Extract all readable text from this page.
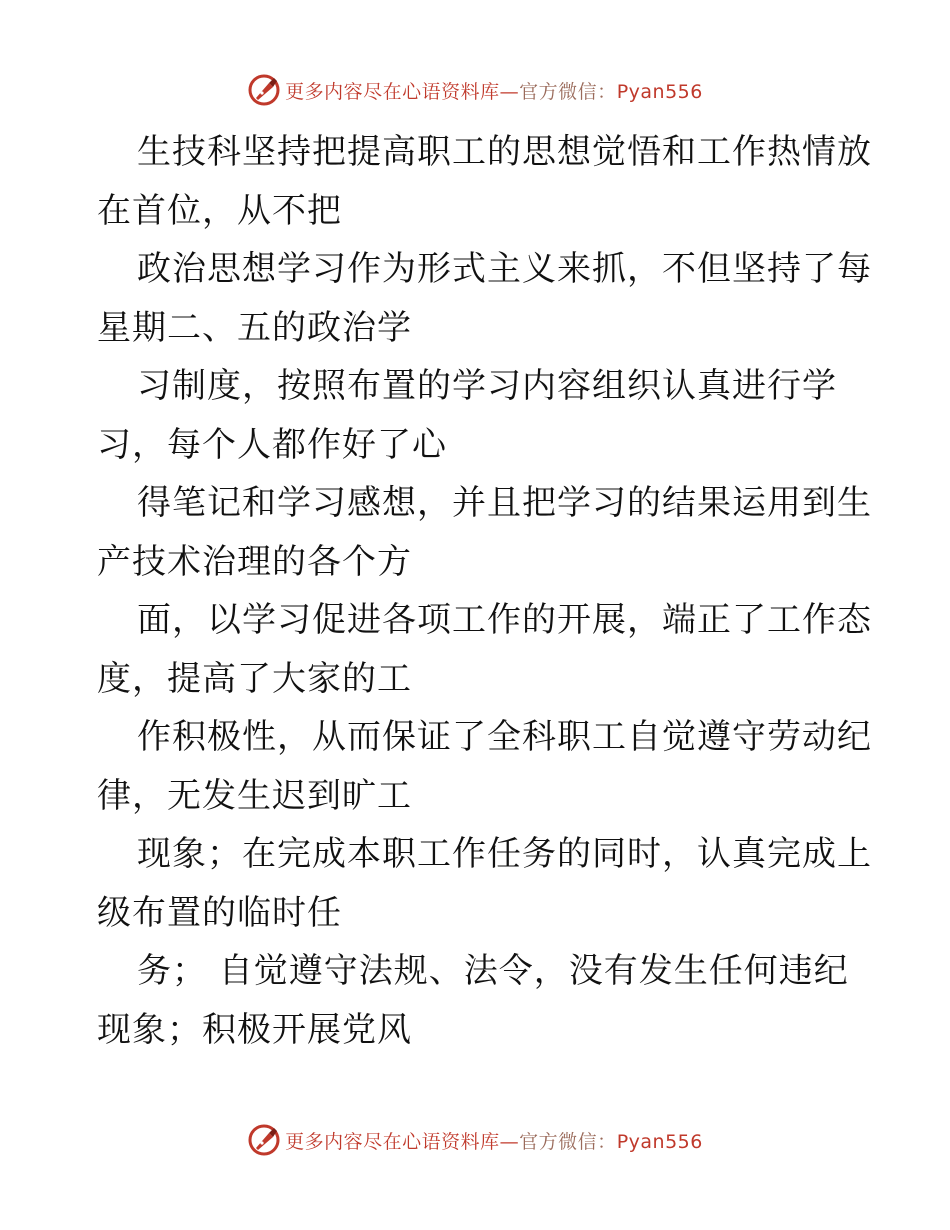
更多内容尽在心语资料库—官方微信：Pyan556
生技科坚持把提高职工的思想觉悟和工作热情放
在首位，从不把
政治思想学习作为形式主义来抓，不但坚持了每
星期二、五的政治学
习制度，按照布置的学习内容组织认真进行学
习，每个人都作好了心
得笔记和学习感想，并且把学习的结果运用到生
产技术治理的各个方
面，以学习促进各项工作的开展，端正了工作态
度，提高了大家的工
作积极性，从而保证了全科职工自觉遵守劳动纪
律，无发生迟到旷工
现象；在完成本职工作任务的同时，认真完成上
级布置的临时任
务； 自觉遵守法规、法令，没有发生任何违纪
现象；积极开展党风
更多内容尽在心语资料库—官方微信：Pyan556
